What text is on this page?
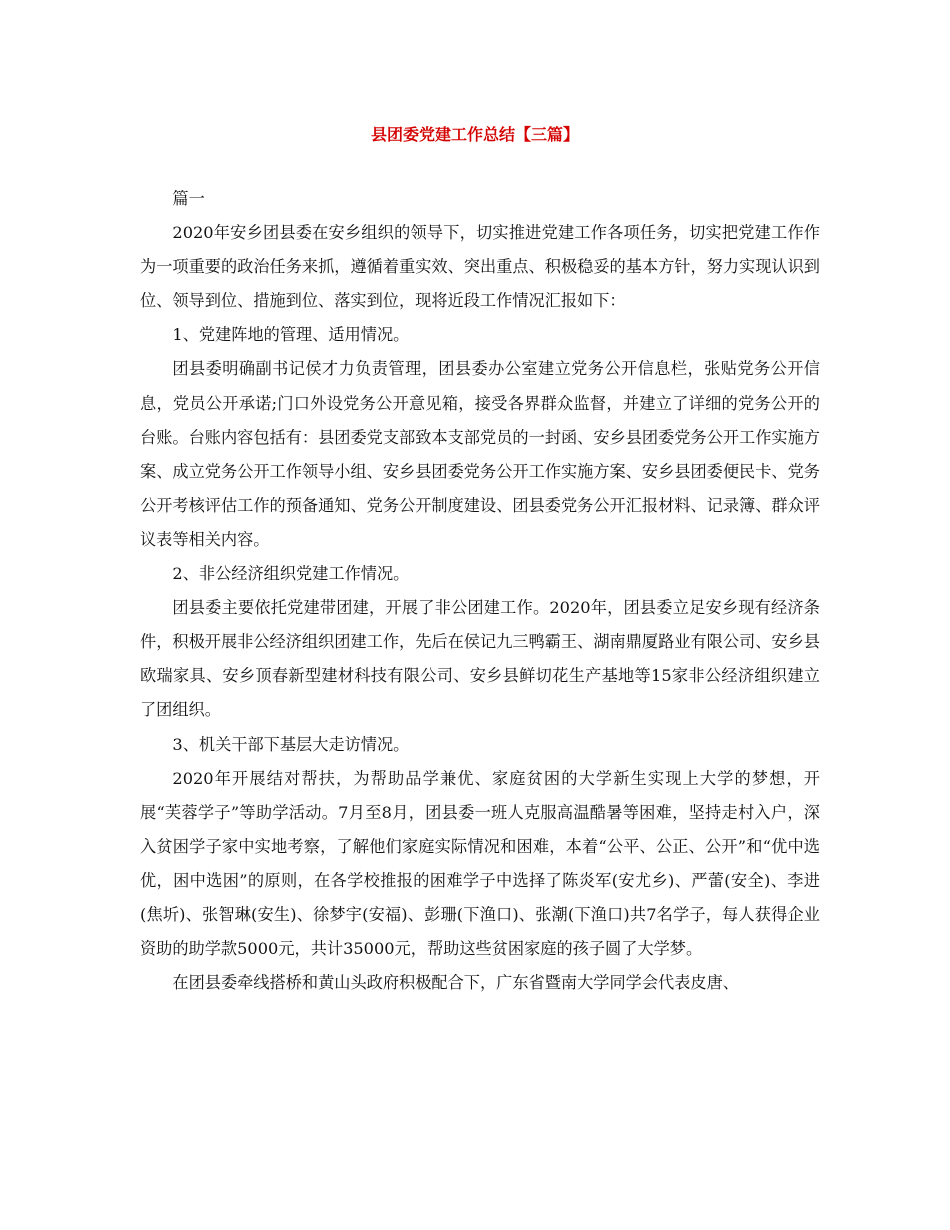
县团委党建工作总结【三篇】

篇一

2020年安乡团县委在安乡组织的领导下，切实推进党建工作各项任务，切实把党建工作作为一项重要的政治任务来抓，遵循着重实效、突出重点、积极稳妥的基本方针，努力实现认识到位、领导到位、措施到位、落实到位，现将近段工作情况汇报如下：

1、党建阵地的管理、适用情况。

团县委明确副书记侯才力负责管理，团县委办公室建立党务公开信息栏，张贴党务公开信息，党员公开承诺;门口外设党务公开意见箱，接受各界群众监督，并建立了详细的党务公开的台账。台账内容包括有：县团委党支部致本支部党员的一封函、安乡县团委党务公开工作实施方案、成立党务公开工作领导小组、安乡县团委党务公开工作实施方案、安乡县团委便民卡、党务公开考核评估工作的预备通知、党务公开制度建设、团县委党务公开汇报材料、记录簿、群众评议表等相关内容。

2、非公经济组织党建工作情况。

团县委主要依托党建带团建，开展了非公团建工作。2020年，团县委立足安乡现有经济条件，积极开展非公经济组织团建工作，先后在侯记九三鸭霸王、湖南鼎厦路业有限公司、安乡县欧瑞家具、安乡顶春新型建材科技有限公司、安乡县鲜切花生产基地等15家非公经济组织建立了团组织。

3、机关干部下基层大走访情况。

2020年开展结对帮扶，为帮助品学兼优、家庭贫困的大学新生实现上大学的梦想，开展“芙蓉学子”等助学活动。7月至8月，团县委一班人克服高温酷暑等困难，坚持走村入户，深入贫困学子家中实地考察，了解他们家庭实际情况和困难，本着“公平、公正、公开”和“优中选优，困中选困”的原则，在各学校推报的困难学子中选择了陈炎军(安尤乡)、严蕾(安全)、李进(焦圻)、张智琳(安生)、徐梦宇(安福)、彭珊(下渔口)、张潮(下渔口)共7名学子，每人获得企业资助的助学款5000元，共计35000元，帮助这些贫困家庭的孩子圆了大学梦。

在团县委牵线搭桥和黄山头政府积极配合下，广东省暨南大学同学会代表皮唐、
